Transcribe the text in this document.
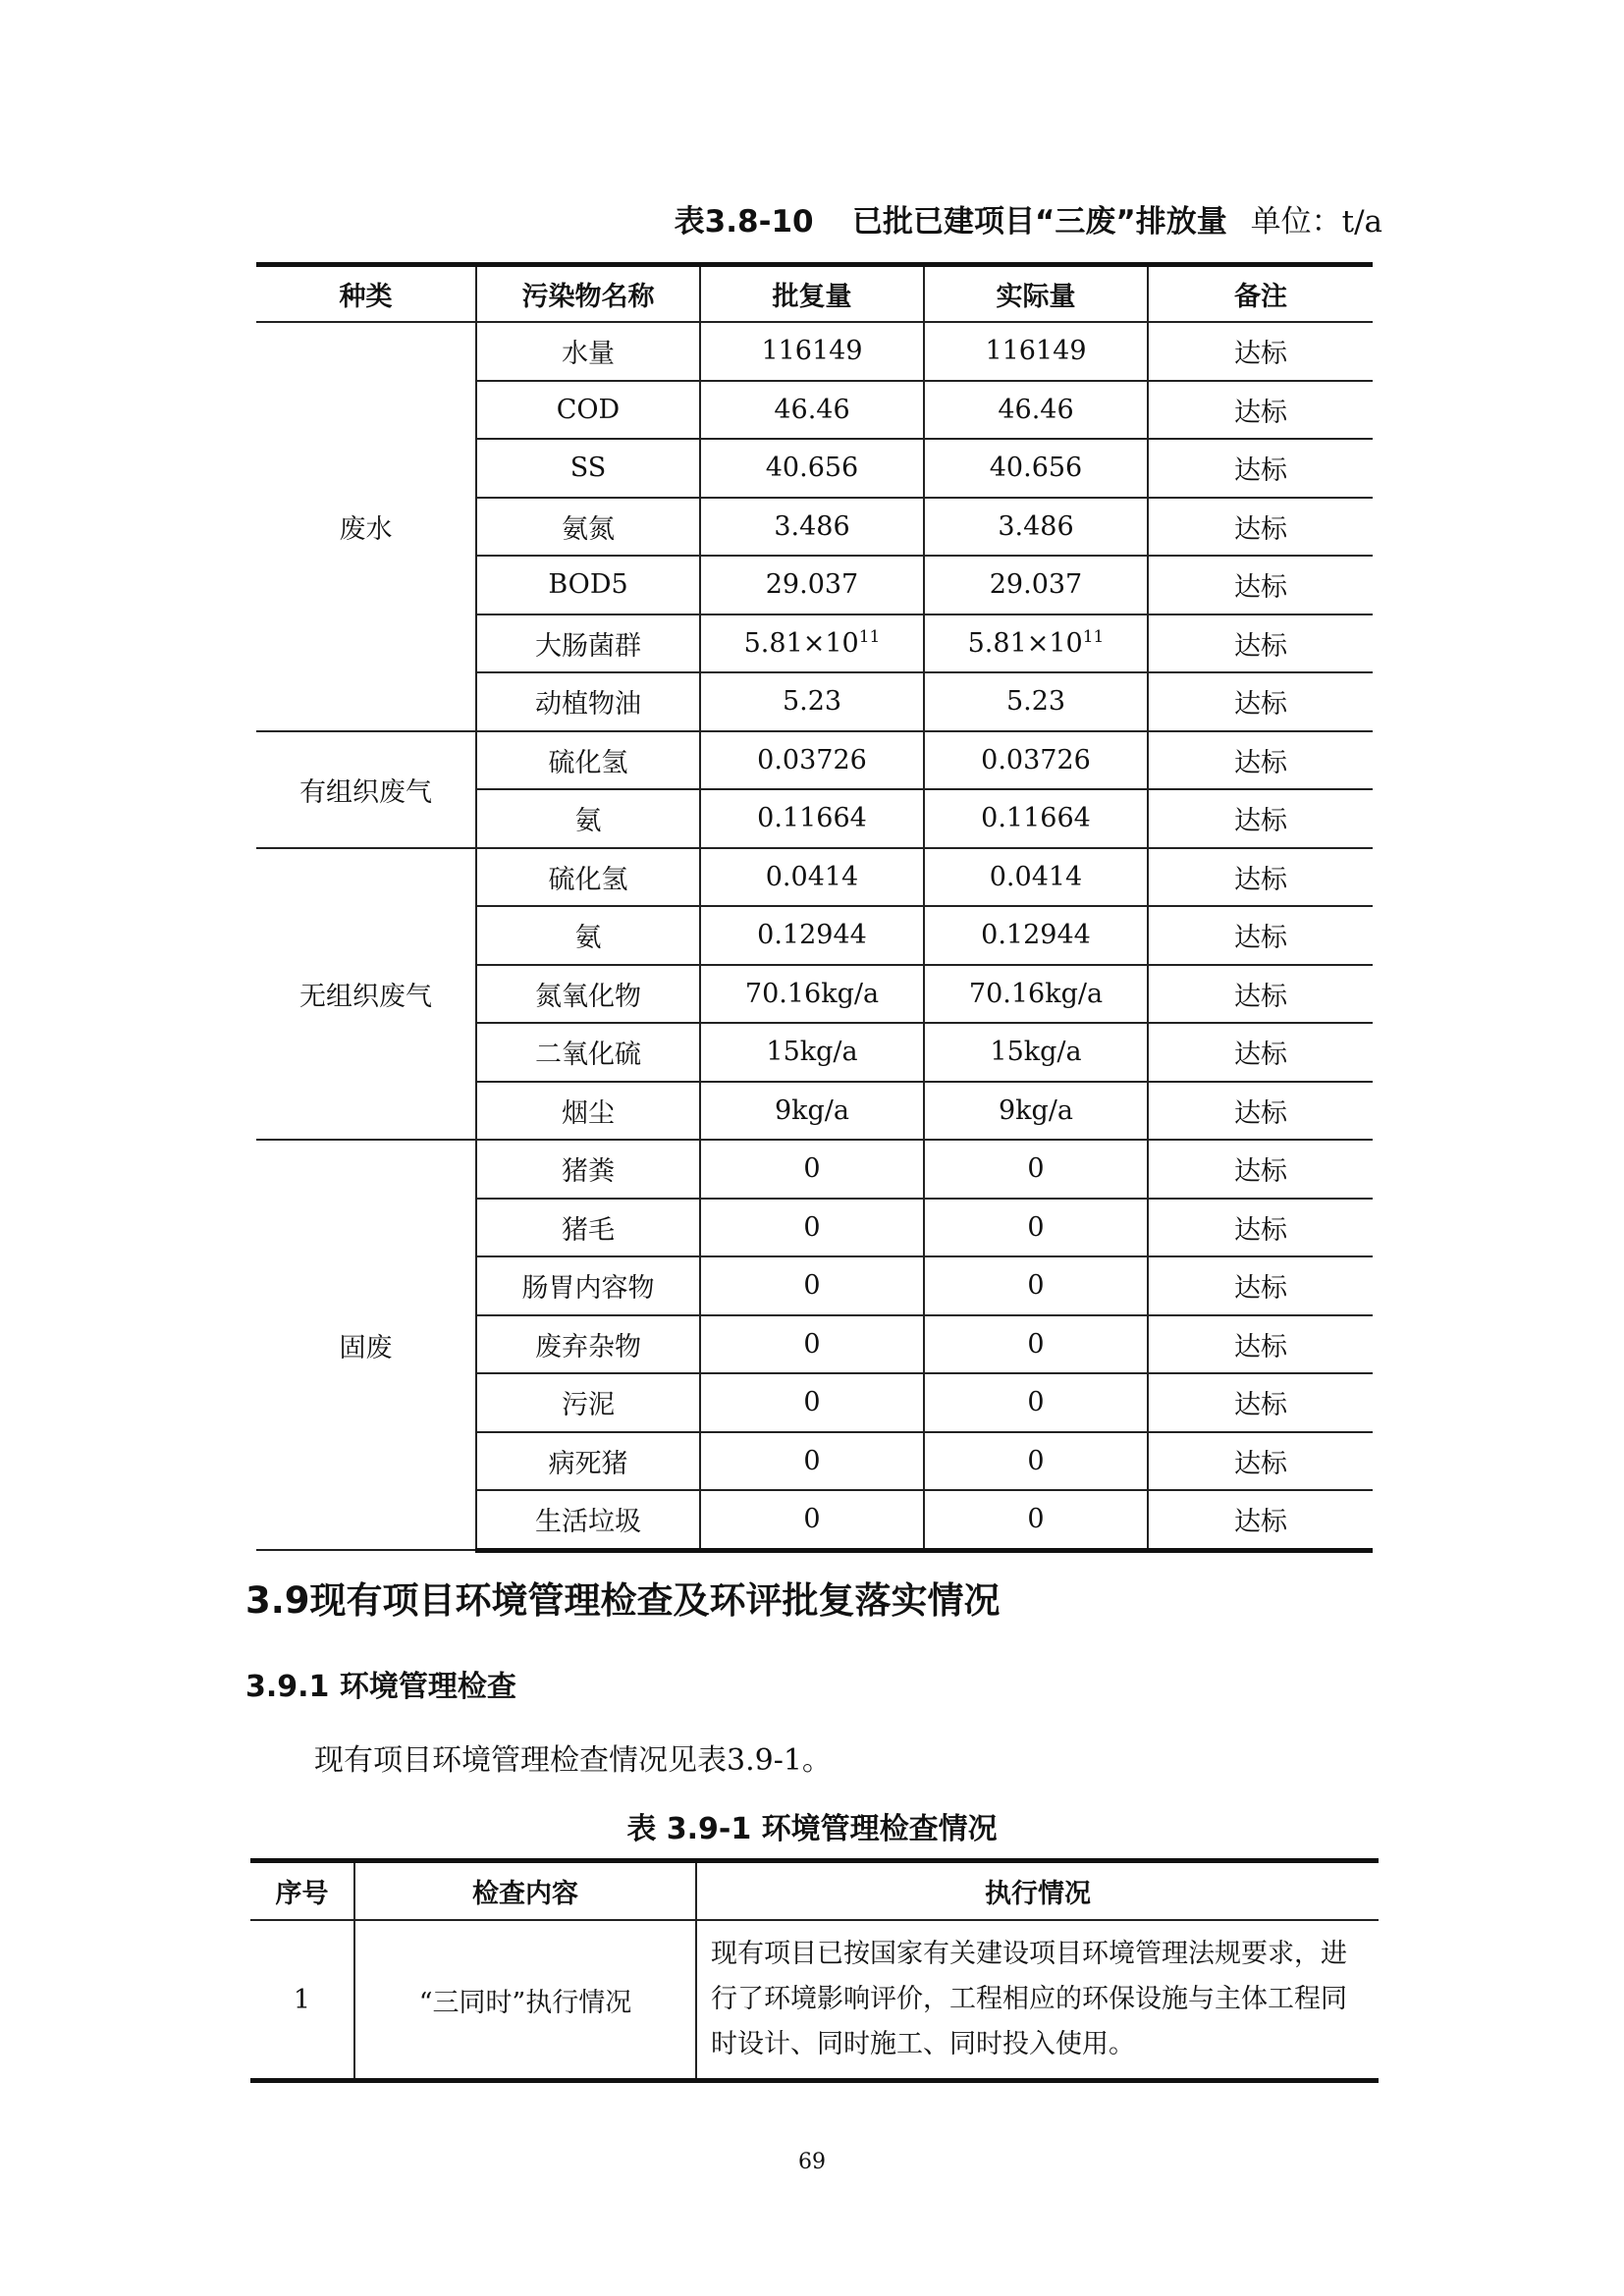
表3.8-10 已批已建项目“三废”排放量 单位：t/a
种类	污染物名称	批复量	实际量	备注
废水	水量	116149	116149	达标
	COD	46.46	46.46	达标
	SS	40.656	40.656	达标
	氨氮	3.486	3.486	达标
	BOD5	29.037	29.037	达标
	大肠菌群	$5.81\times 10^{11}$	$5.81\times 10^{11}$	达标
	动植物油	5.23	5.23	达标
有组织废气	硫化氢	0.03726	0.03726	达标
	氨	0.11664	0.11664	达标
无组织废气	硫化氢	0.0414	0.0414	达标
	氨	0.12944	0.12944	达标
	氮氧化物	70.16kg/a	70.16kg/a	达标
	二氧化硫	15kg/a	15kg/a	达标
	烟尘	9kg/a	9kg/a	达标
固废	猪粪	0	0	达标
	猪毛	0	0	达标
	肠胃内容物	0	0	达标
	废弃杂物	0	0	达标
	污泥	0	0	达标
	病死猪	0	0	达标
	生活垃圾	0	0	达标
3.9现有项目环境管理检查及环评批复落实情况
3.9.1 环境管理检查
现有项目环境管理检查情况见表3.9-1。
表 3.9-1 环境管理检查情况
序号	检查内容	执行情况
1	“三同时”执行情况	现有项目已按国家有关建设项目环境管理法规要求，进行了环境影响评价，工程相应的环保设施与主体工程同时设计、同时施工、同时投入使用。
69
